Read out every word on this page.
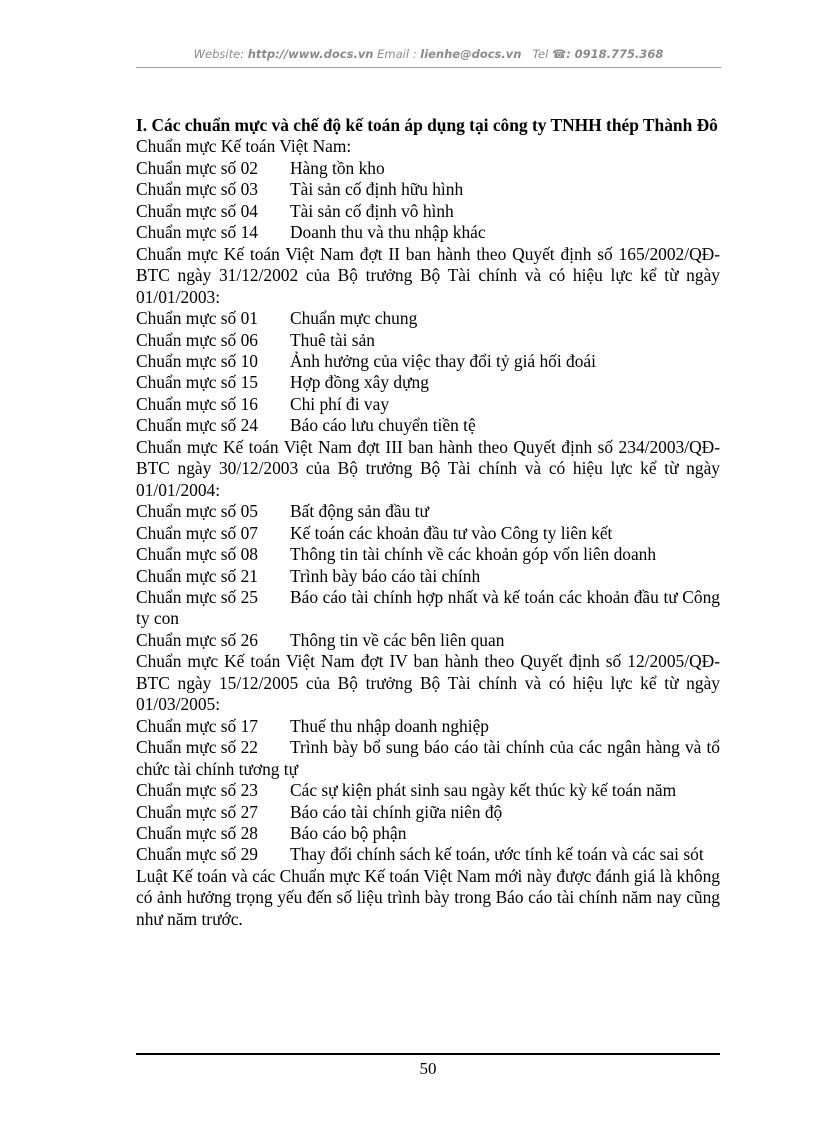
Website: http://www.docs.vn Email : lienhe@docs.vn Tel ☎: 0918.775.368

I. Các chuẩn mực và chế độ kế toán áp dụng tại công ty TNHH thép Thành Đô

Chuẩn mực Kế toán Việt Nam:

Chuẩn mực số 02 Hàng tồn kho

Chuẩn mực số 03 Tài sản cố định hữu hình

Chuẩn mực số 04 Tài sản cố định vô hình

Chuẩn mực số 14 Doanh thu và thu nhập khác

Chuẩn mực Kế toán Việt Nam đợt II ban hành theo Quyết định số 165/2002/QĐ-BTC ngày 31/12/2002 của Bộ trưởng Bộ Tài chính và có hiệu lực kể từ ngày 01/01/2003:

Chuẩn mực số 01 Chuẩn mực chung

Chuẩn mực số 06 Thuê tài sản

Chuẩn mực số 10 Ảnh hưởng của việc thay đổi tỷ giá hối đoái

Chuẩn mực số 15 Hợp đồng xây dựng

Chuẩn mực số 16 Chi phí đi vay

Chuẩn mực số 24 Báo cáo lưu chuyển tiền tệ

Chuẩn mực Kế toán Việt Nam đợt III ban hành theo Quyết định số 234/2003/QĐ-BTC ngày 30/12/2003 của Bộ trưởng Bộ Tài chính và có hiệu lực kể từ ngày 01/01/2004:

Chuẩn mực số 05 Bất động sản đầu tư

Chuẩn mực số 07 Kế toán các khoản đầu tư vào Công ty liên kết

Chuẩn mực số 08 Thông tin tài chính về các khoản góp vốn liên doanh

Chuẩn mực số 21 Trình bày báo cáo tài chính

Chuẩn mực số 25 Báo cáo tài chính hợp nhất và kế toán các khoản đầu tư Công ty con

Chuẩn mực số 26 Thông tin về các bên liên quan

Chuẩn mực Kế toán Việt Nam đợt IV ban hành theo Quyết định số 12/2005/QĐ-BTC ngày 15/12/2005 của Bộ trưởng Bộ Tài chính và có hiệu lực kể từ ngày 01/03/2005:

Chuẩn mực số 17 Thuế thu nhập doanh nghiệp

Chuẩn mực số 22 Trình bày bổ sung báo cáo tài chính của các ngân hàng và tổ chức tài chính tương tự

Chuẩn mực số 23 Các sự kiện phát sinh sau ngày kết thúc kỳ kế toán năm

Chuẩn mực số 27 Báo cáo tài chính giữa niên độ

Chuẩn mực số 28 Báo cáo bộ phận

Chuẩn mực số 29 Thay đổi chính sách kế toán, ước tính kế toán và các sai sót

Luật Kế toán và các Chuẩn mực Kế toán Việt Nam mới này được đánh giá là không có ảnh hưởng trọng yếu đến số liệu trình bày trong Báo cáo tài chính năm nay cũng như năm trước.

50
